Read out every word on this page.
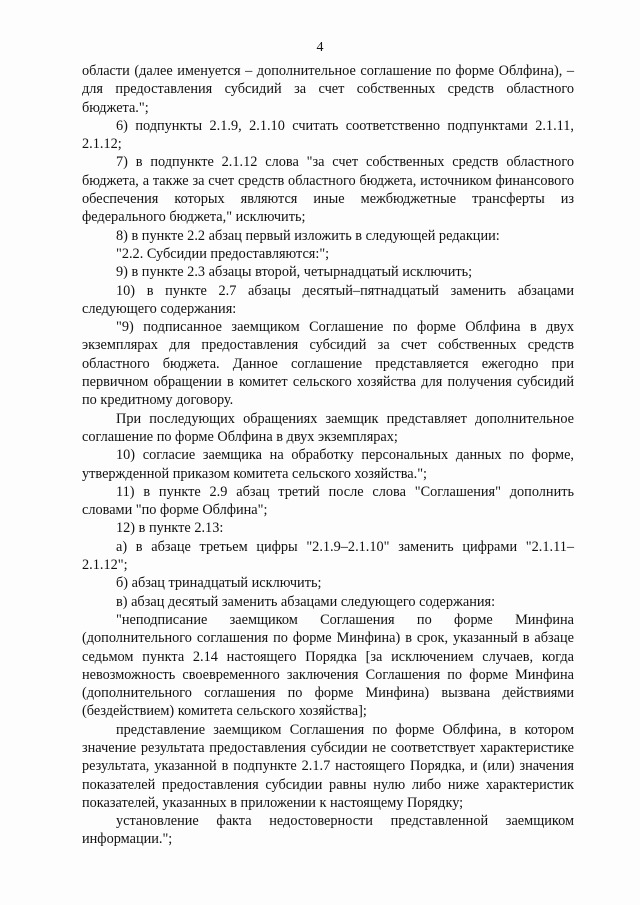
4

области (далее именуется – дополнительное соглашение по форме Облфина), – для предоставления субсидий за счет собственных средств областного бюджета.";

6) подпункты 2.1.9, 2.1.10 считать соответственно подпунктами 2.1.11, 2.1.12;

7) в подпункте 2.1.12 слова "за счет собственных средств областного бюджета, а также за счет средств областного бюджета, источником финансового обеспечения которых являются иные межбюджетные трансферты из федерального бюджета," исключить;

8) в пункте 2.2 абзац первый изложить в следующей редакции:

"2.2. Субсидии предоставляются:";

9) в пункте 2.3 абзацы второй, четырнадцатый исключить;

10) в пункте 2.7 абзацы десятый–пятнадцатый заменить абзацами следующего содержания:

"9) подписанное заемщиком Соглашение по форме Облфина в двух экземплярах для предоставления субсидий за счет собственных средств областного бюджета. Данное соглашение представляется ежегодно при первичном обращении в комитет сельского хозяйства для получения субсидий по кредитному договору.

При последующих обращениях заемщик представляет дополнительное соглашение по форме Облфина в двух экземплярах;

10) согласие заемщика на обработку персональных данных по форме, утвержденной приказом комитета сельского хозяйства.";

11) в пункте 2.9 абзац третий после слова "Соглашения" дополнить словами "по форме Облфина";

12) в пункте 2.13:

а) в абзаце третьем цифры "2.1.9–2.1.10" заменить цифрами "2.1.11–2.1.12";

б) абзац тринадцатый исключить;

в) абзац десятый заменить абзацами следующего содержания:

"неподписание заемщиком Соглашения по форме Минфина (дополнительного соглашения по форме Минфина) в срок, указанный в абзаце седьмом пункта 2.14 настоящего Порядка [за исключением случаев, когда невозможность своевременного заключения Соглашения по форме Минфина (дополнительного соглашения по форме Минфина) вызвана действиями (бездействием) комитета сельского хозяйства];

представление заемщиком Соглашения по форме Облфина, в котором значение результата предоставления субсидии не соответствует характеристике результата, указанной в подпункте 2.1.7 настоящего Порядка, и (или) значения показателей предоставления субсидии равны нулю либо ниже характеристик показателей, указанных в приложении к настоящему Порядку;

установление факта недостоверности представленной заемщиком информации.";
